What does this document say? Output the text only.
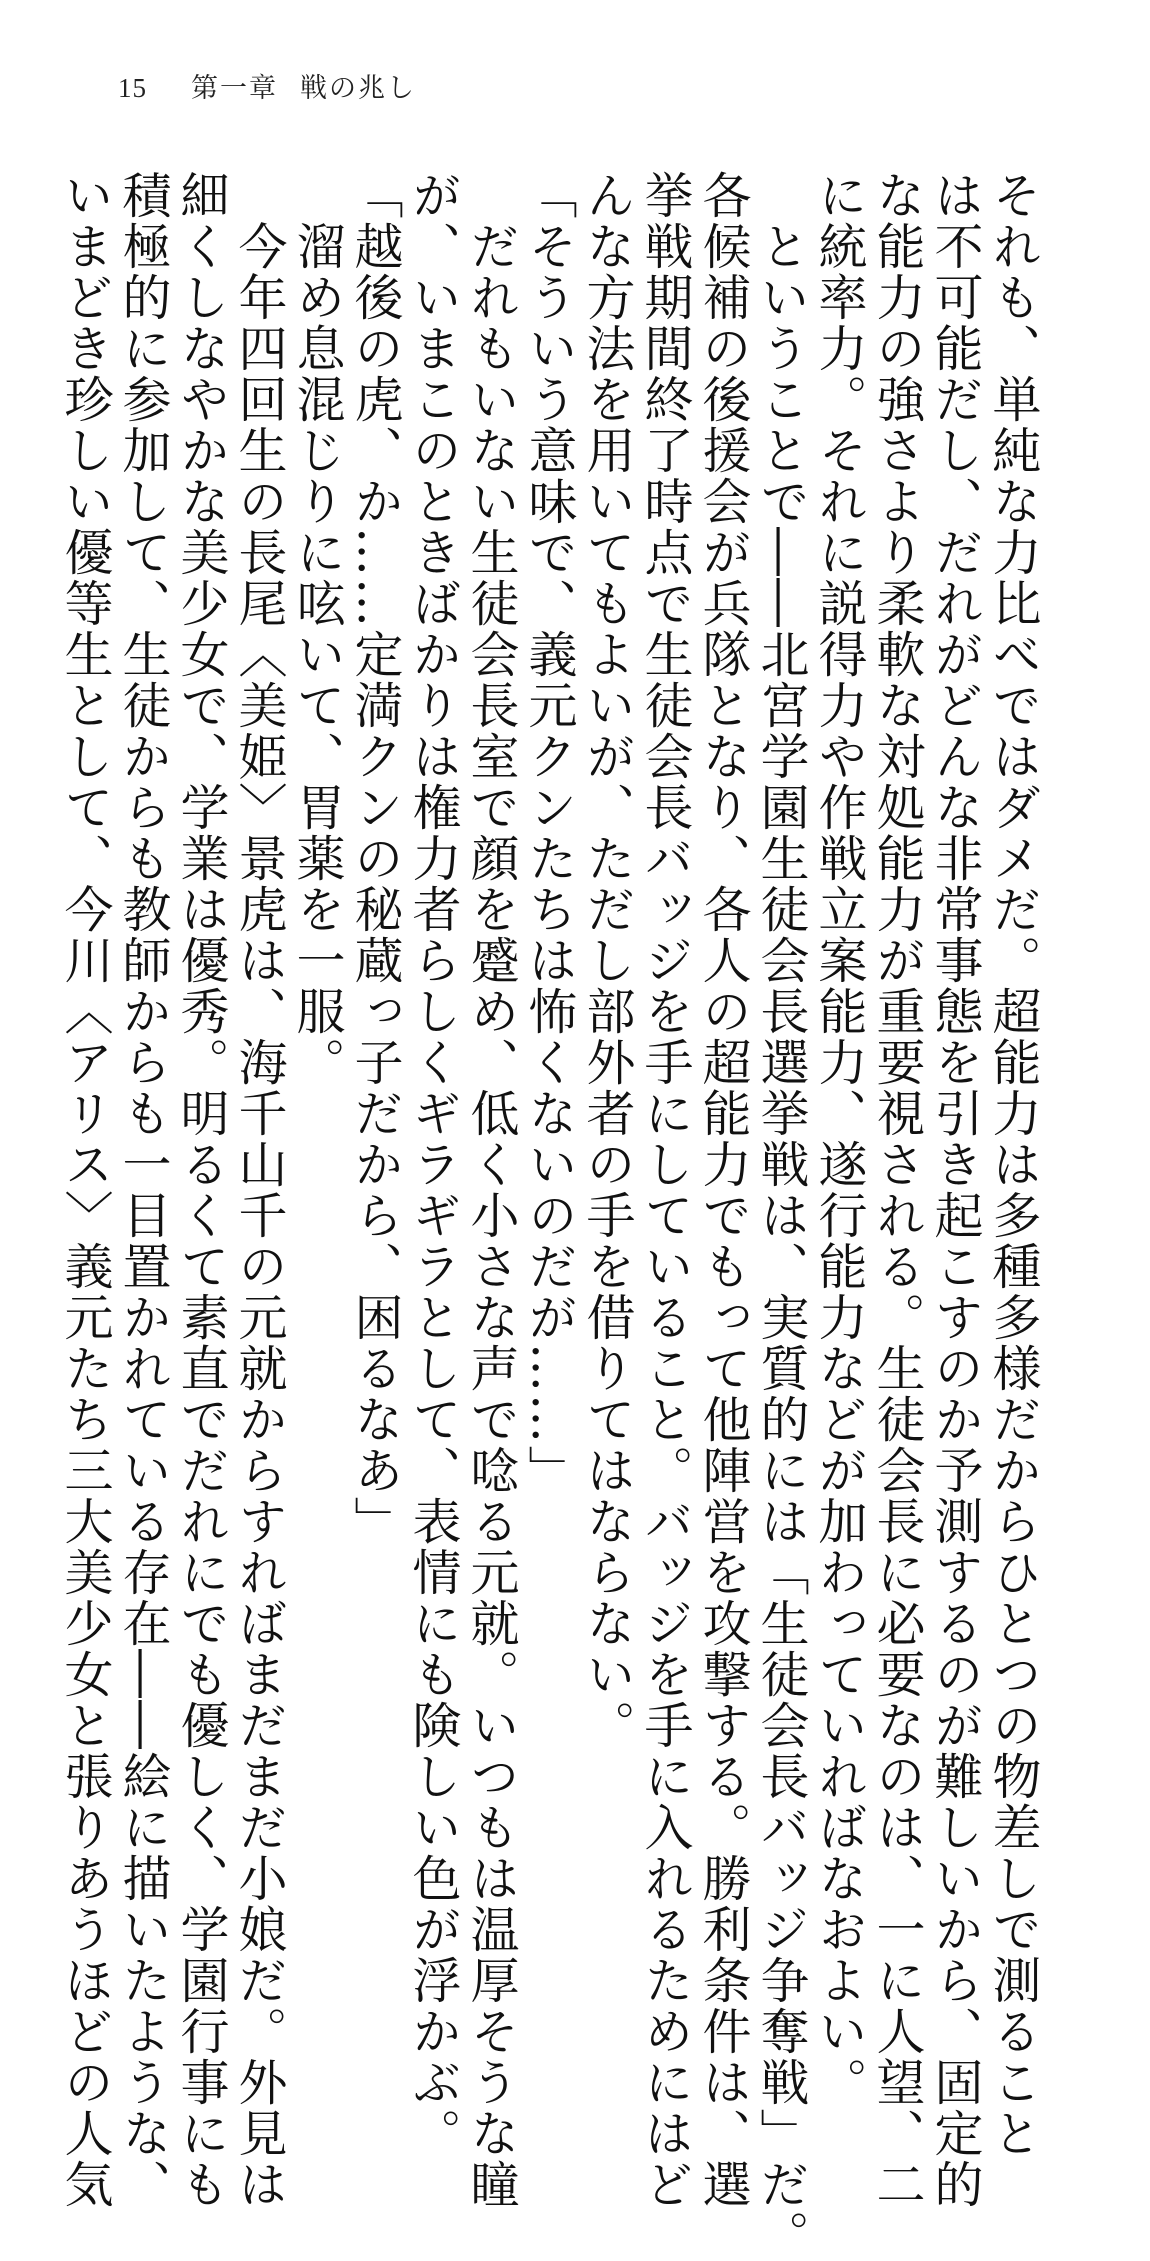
15 第一章 戦の兆し
それも、単純な力比べではダメだ。超能力は多種多様だからひとつの物差しで測ること
は不可能だし、だれがどんな非常事態を引き起こすのか予測するのが難しいから、固定的
な能力の強さより柔軟な対処能力が重要視される。生徒会長に必要なのは、一に人望、二
に統率力。それに説得力や作戦立案能力、遂行能力などが加わっていればなおよい。
　ということで――北宮学園生徒会長選挙戦は、実質的には「生徒会長バッジ争奪戦」だ。
各候補の後援会が兵隊となり、各人の超能力でもって他陣営を攻撃する。勝利条件は、選
挙戦期間終了時点で生徒会長バッジを手にしていること。バッジを手に入れるためにはど
んな方法を用いてもよいが、ただし部外者の手を借りてはならない。
「そういう意味で、義元クンたちは怖くないのだが……」
　だれもいない生徒会長室で顔を蹙め、低く小さな声で唸る元就。いつもは温厚そうな瞳
が、いまこのときばかりは権力者らしくギラギラとして、表情にも険しい色が浮かぶ。
「越後の虎、か……定満クンの秘蔵っ子だから、困るなあ」
　溜め息混じりに呟いて、胃薬を一服。
　今年四回生の長尾〈美姫〉景虎は、海千山千の元就からすればまだまだ小娘だ。外見は
細くしなやかな美少女で、学業は優秀。明るくて素直でだれにでも優しく、学園行事にも
積極的に参加して、生徒からも教師からも一目置かれている存在――絵に描いたような、
いまどき珍しい優等生として、今川〈アリス〉義元たち三大美少女と張りあうほどの人気
